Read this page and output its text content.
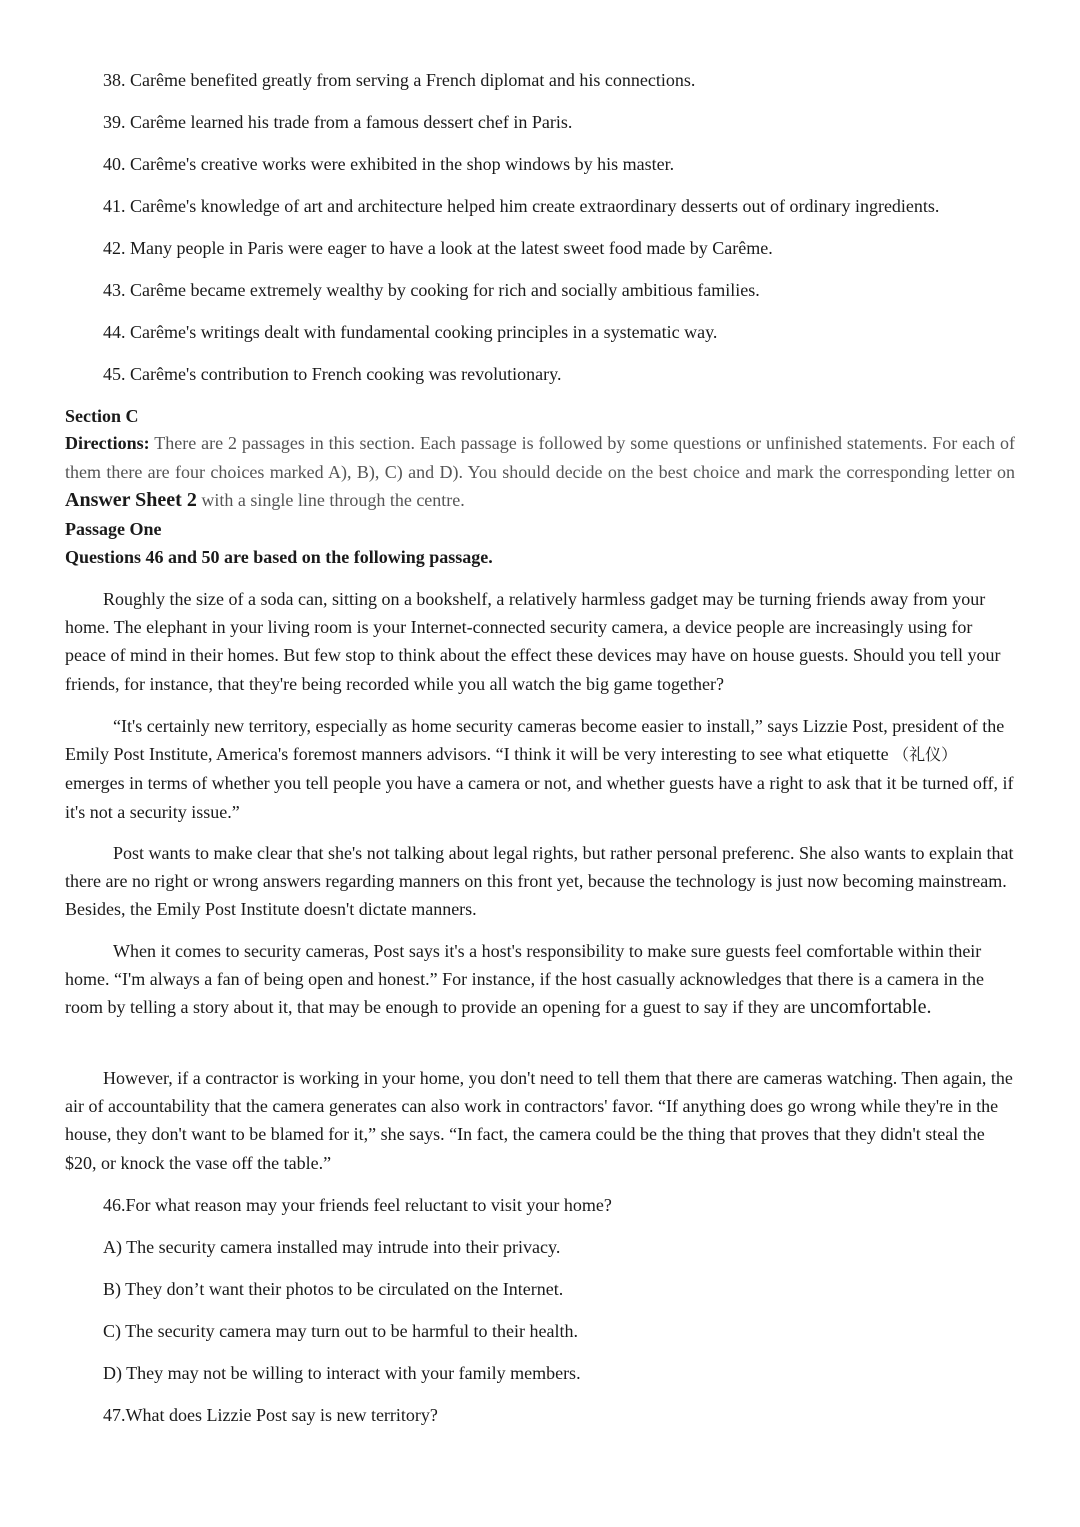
38. Carême benefited greatly from serving a French diplomat and his connections.
39. Carême learned his trade from a famous dessert chef in Paris.
40. Carême's creative works were exhibited in the shop windows by his master.
41. Carême's knowledge of art and architecture helped him create extraordinary desserts out of ordinary ingredients.
42. Many people in Paris were eager to have a look at the latest sweet food made by Carême.
43. Carême became extremely wealthy by cooking for rich and socially ambitious families.
44. Carême's writings dealt with fundamental cooking principles in a systematic way.
45. Carême's contribution to French cooking was revolutionary.
Section C
Directions: There are 2 passages in this section. Each passage is followed by some questions or unfinished statements. For each of them there are four choices marked A), B), C) and D). You should decide on the best choice and mark the corresponding letter on Answer Sheet 2 with a single line through the centre.
Passage One
Questions 46 and 50 are based on the following passage.
Roughly the size of a soda can, sitting on a bookshelf, a relatively harmless gadget may be turning friends away from your home. The elephant in your living room is your Internet-connected security camera, a device people are increasingly using for peace of mind in their homes. But few stop to think about the effect these devices may have on house guests. Should you tell your friends, for instance, that they're being recorded while you all watch the big game together?
“It's certainly new territory, especially as home security cameras become easier to install,” says Lizzie Post, president of the Emily Post Institute, America's foremost manners advisors. “I think it will be very interesting to see what etiquette （礼仪） emerges in terms of whether you tell people you have a camera or not, and whether guests have a right to ask that it be turned off, if it's not a security issue.”
Post wants to make clear that she's not talking about legal rights, but rather personal preferenc. She also wants to explain that there are no right or wrong answers regarding manners on this front yet, because the technology is just now becoming mainstream. Besides, the Emily Post Institute doesn't dictate manners.
When it comes to security cameras, Post says it's a host's responsibility to make sure guests feel comfortable within their home. “I'm always a fan of being open and honest.” For instance, if the host casually acknowledges that there is a camera in the room by telling a story about it, that may be enough to provide an opening for a guest to say if they are uncomfortable.
However, if a contractor is working in your home, you don't need to tell them that there are cameras watching. Then again, the air of accountability that the camera generates can also work in contractors' favor. “If anything does go wrong while they're in the house, they don't want to be blamed for it,” she says. “In fact, the camera could be the thing that proves that they didn't steal the $20, or knock the vase off the table.”
46.For what reason may your friends feel reluctant to visit your home?
A) The security camera installed may intrude into their privacy.
B) They don’t want their photos to be circulated on the Internet.
C) The security camera may turn out to be harmful to their health.
D) They may not be willing to interact with your family members.
47.What does Lizzie Post say is new territory?
